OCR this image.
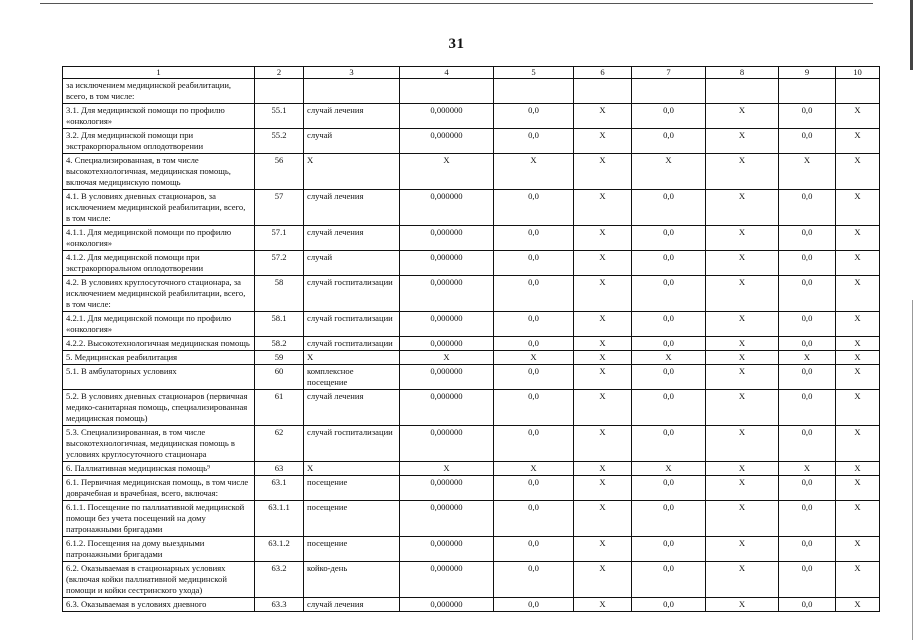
31
1	2	3	4	5	6	7	8	9	10
за исключением медицинской реабилитации, всего, в том числе:									
3.1. Для медицинской помощи по профилю «онкология»	55.1	случай лечения	0,000000	0,0	X	0,0	X	0,0	X
3.2. Для медицинской помощи при экстракорпоральном оплодотворении	55.2	случай	0,000000	0,0	X	0,0	X	0,0	X
4. Специализированная, в том числе высокотехнологичная, медицинская помощь, включая медицинскую помощь	56	X	X	X	X	X	X	X	X
4.1. В условиях дневных стационаров, за исключением медицинской реабилитации, всего, в том числе:	57	случай лечения	0,000000	0,0	X	0,0	X	0,0	X
4.1.1. Для медицинской помощи по профилю «онкология»	57.1	случай лечения	0,000000	0,0	X	0,0	X	0,0	X
4.1.2. Для медицинской помощи при экстракорпоральном оплодотворении	57.2	случай	0,000000	0,0	X	0,0	X	0,0	X
4.2. В условиях круглосуточного стационара, за исключением медицинской реабилитации, всего, в том числе:	58	случай госпитализации	0,000000	0,0	X	0,0	X	0,0	X
4.2.1. Для медицинской помощи по профилю «онкология»	58.1	случай госпитализации	0,000000	0,0	X	0,0	X	0,0	X
4.2.2. Высокотехнологичная медицинская помощь	58.2	случай госпитализации	0,000000	0,0	X	0,0	X	0,0	X
5. Медицинская реабилитация	59	X	X	X	X	X	X	X	X
5.1. В амбулаторных условиях	60	комплексное посещение	0,000000	0,0	X	0,0	X	0,0	X
5.2. В условиях дневных стационаров (первичная медико-санитарная помощь, специализированная медицинская помощь)	61	случай лечения	0,000000	0,0	X	0,0	X	0,0	X
5.3. Специализированная, в том числе высокотехнологичная, медицинская помощь в условиях круглосуточного стационара	62	случай госпитализации	0,000000	0,0	X	0,0	X	0,0	X
6. Паллиативная медицинская помощь⁹	63	X	X	X	X	X	X	X	X
6.1. Первичная медицинская помощь, в том числе доврачебная и врачебная, всего, включая:	63.1	посещение	0,000000	0,0	X	0,0	X	0,0	X
6.1.1. Посещение по паллиативной медицинской помощи без учета посещений на дому патронажными бригадами	63.1.1	посещение	0,000000	0,0	X	0,0	X	0,0	X
6.1.2. Посещения на дому выездными патронажными бригадами	63.1.2	посещение	0,000000	0,0	X	0,0	X	0,0	X
6.2. Оказываемая в стационарных условиях (включая койки паллиативной медицинской помощи и койки сестринского ухода)	63.2	койко-день	0,000000	0,0	X	0,0	X	0,0	X
6.3. Оказываемая в условиях дневного	63.3	случай лечения	0,000000	0,0	X	0,0	X	0,0	X
